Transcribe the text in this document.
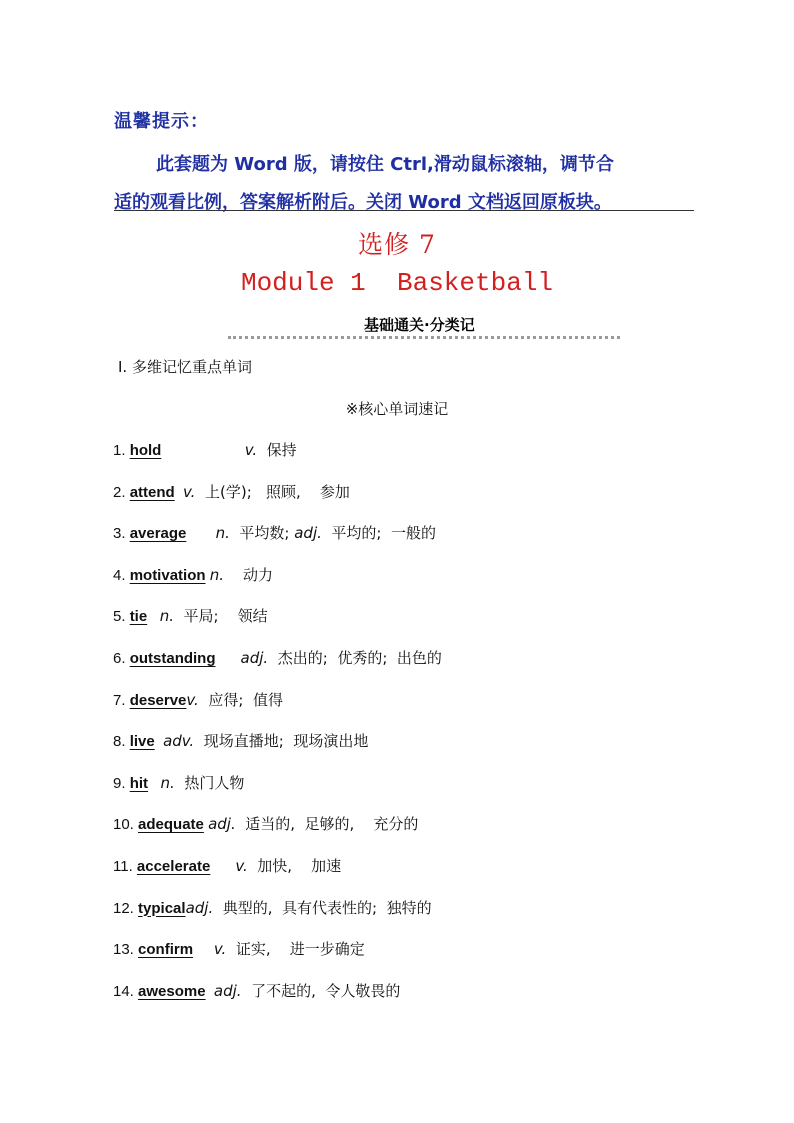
温馨提示：
此套题为 Word 版，请按住 Ctrl,滑动鼠标滚轴，调节合
适的观看比例，答案解析附后。关闭 Word 文档返回原板块。
选修 7
Module 1  Basketball
基础通关·分类记
Ⅰ. 多维记忆重点单词
※核心单词速记
1. hold	v.  保持
2. attend v.  上(学);   照顾,    参加
3. average n.  平均数; adj.  平均的;  一般的
4. motivation n.    动力
5. tie n.  平局;    领结
6. outstanding adj.  杰出的;  优秀的;  出色的
7. deservev.  应得;  值得
8. live adv.  现场直播地;  现场演出地
9. hit n.  热门人物
10. adequate adj.  适当的,  足够的,    充分的
11. accelerate v.  加快,    加速
12. typicaladj.  典型的,  具有代表性的;  独特的
13. confirm v.  证实,    进一步确定
14. awesome adj.  了不起的,  令人敬畏的
